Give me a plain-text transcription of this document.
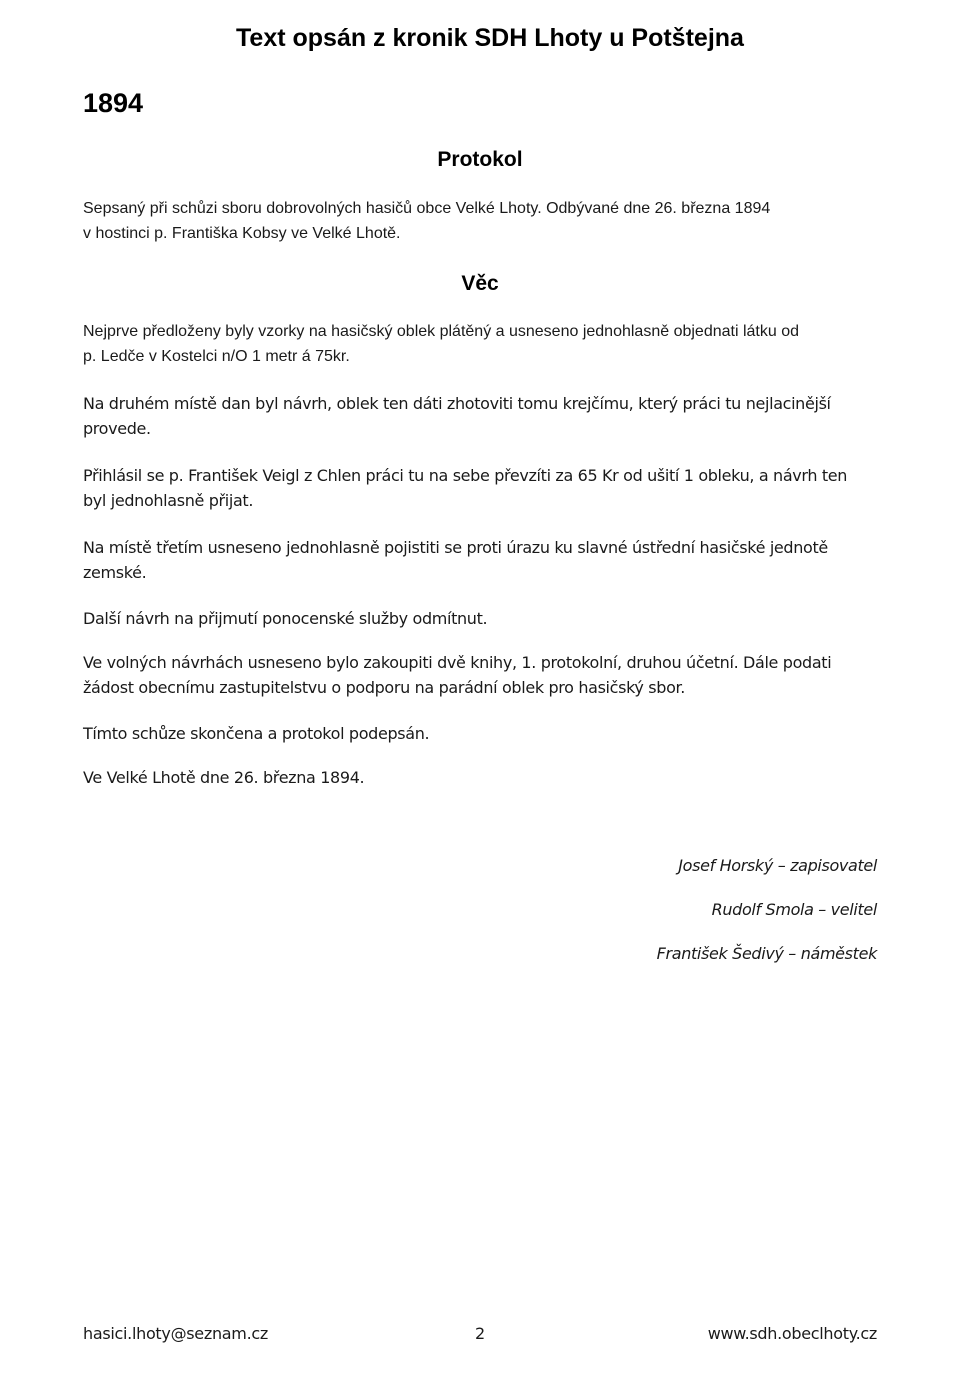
Text opsán z kronik SDH Lhoty u Potštejna
1894
Protokol

Sepsaný při schůzi sboru dobrovolných hasičů obce Velké Lhoty. Odbývané dne 26. března 1894
v hostinci p. Františka Kobsy ve Velké Lhotě.

Věc

Nejprve předloženy byly vzorky na hasičský oblek plátěný a usneseno jednohlasně objednati látku od
p. Ledče v Kostelci n/O 1 metr á 75kr.

Na druhém místě dan byl návrh, oblek ten dáti zhotoviti tomu krejčímu, který práci tu nejlacinější
provede.

Přihlásil se p. František Veigl z Chlen práci tu na sebe převzíti za 65 Kr od ušití 1 obleku, a návrh ten
byl jednohlasně přijat.

Na místě třetím usneseno jednohlasně pojistiti se proti úrazu ku slavné ústřední hasičské jednotě
zemské.

Další návrh na přijmutí ponocenské služby odmítnut.

Ve volných návrhách usneseno bylo zakoupiti dvě knihy, 1. protokolní, druhou účetní. Dále podati
žádost obecnímu zastupitelstvu o podporu na parádní oblek pro hasičský sbor.

Tímto schůze skončena a protokol podepsán.

Ve Velké Lhotě dne 26. března 1894.

Josef Horský – zapisovatel
Rudolf Smola – velitel
František Šedivý – náměstek
hasici.lhoty@seznam.cz	2	www.sdh.obeclhoty.cz
